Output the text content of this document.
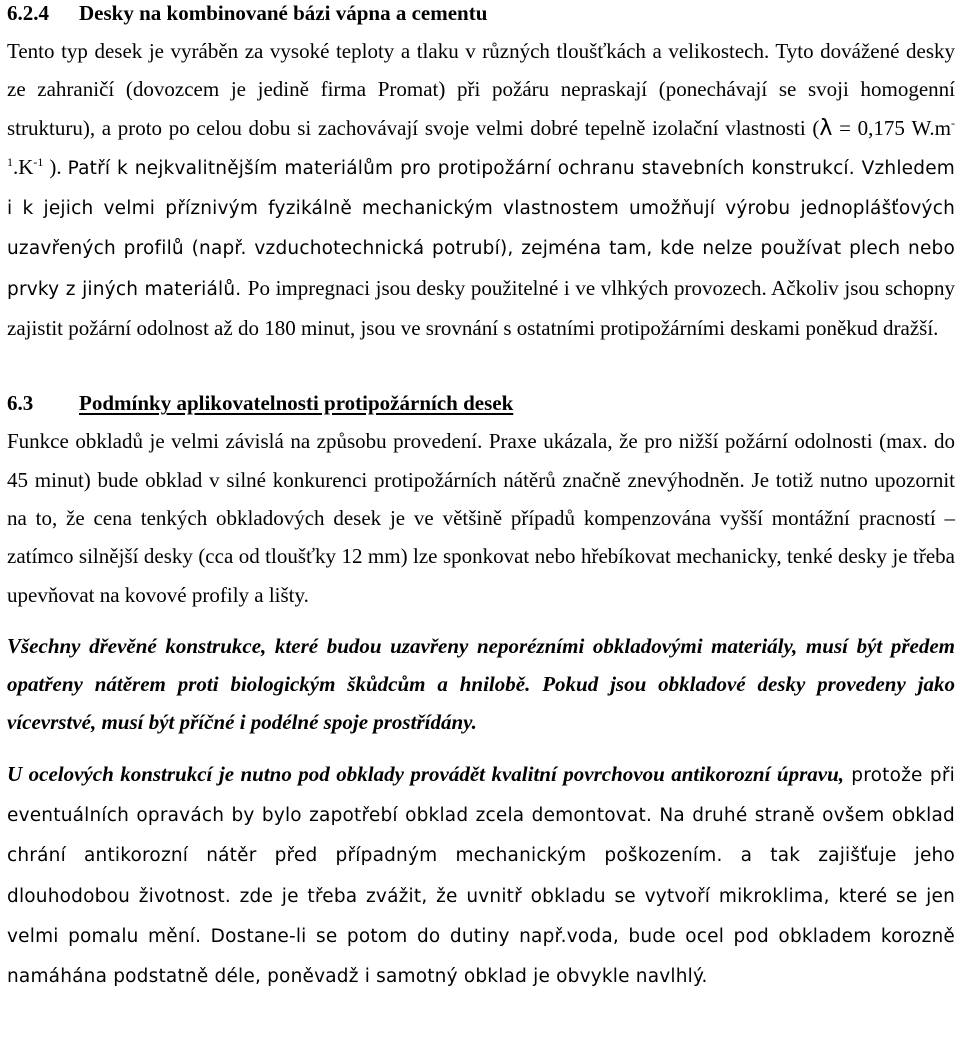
6.2.4 Desky na kombinované bázi vápna a cementu

Tento typ desek je vyráběn za vysoké teploty a tlaku v různých tloušťkách a velikostech. Tyto dovážené desky ze zahraničí (dovozcem je jedině firma Promat) při požáru nepraskají (ponechávají se svoji homogenní strukturu), a proto po celou dobu si zachovávají svoje velmi dobré tepelně izolační vlastnosti (λ = 0,175 $W.m^{-1}.K^{-1}$ ). Patří k nejkvalitnějším materiálům pro protipožární ochranu stavebních konstrukcí. Vzhledem i k jejich velmi příznivým fyzikálně mechanickým vlastnostem umožňují výrobu jednoplášťových uzavřených profilů (např. vzduchotechnická potrubí), zejména tam, kde nelze používat plech nebo prvky z jiných materiálů. Po impregnaci jsou desky použitelné i ve vlhkých provozech. Ačkoliv jsou schopny zajistit požární odolnost až do 180 minut, jsou ve srovnání s ostatními protipožárními deskami poněkud dražší.

6.3 Podmínky aplikovatelnosti protipožárních desek

Funkce obkladů je velmi závislá na způsobu provedení. Praxe ukázala, že pro nižší požární odolnosti (max. do 45 minut) bude obklad v silné konkurenci protipožárních nátěrů značně znevýhodněn. Je totiž nutno upozornit na to, že cena tenkých obkladových desek je ve většině případů kompenzována vyšší montážní pracností – zatímco silnější desky (cca od tloušťky 12 mm) lze sponkovat nebo hřebíkovat mechanicky, tenké desky je třeba upevňovat na kovové profily a lišty.

Všechny dřevěné konstrukce, které budou uzavřeny neporézními obkladovými materiály, musí být předem opatřeny nátěrem proti biologickým škůdcům a hnilobě. Pokud jsou obkladové desky provedeny jako vícevrstvé, musí být příčné i podélné spoje prostřídány.

U ocelových konstrukcí je nutno pod obklady provádět kvalitní povrchovou antikorozní úpravu, protože při eventuálních opravách by bylo zapotřebí obklad zcela demontovat. Na druhé straně ovšem obklad chrání antikorozní nátěr před případným mechanickým poškozením. a tak zajišťuje jeho dlouhodobou životnost. zde je třeba zvážit, že uvnitř obkladu se vytvoří mikroklima, které se jen velmi pomalu mění. Dostane-li se potom do dutiny např.voda, bude ocel pod obkladem korozně namáhána podstatně déle, poněvadž i samotný obklad je obvykle navlhlý.
